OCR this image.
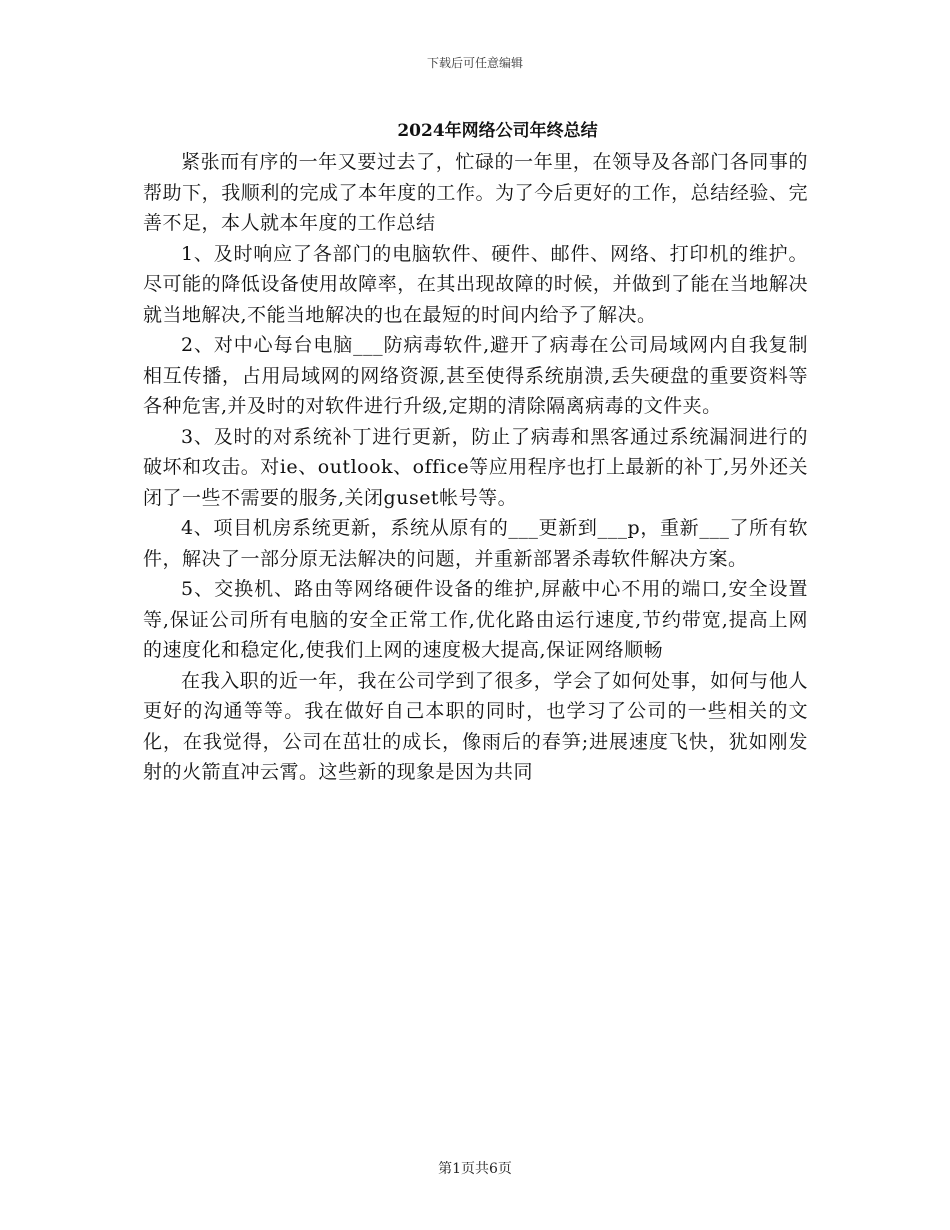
下载后可任意编辑
2024年网络公司年终总结

紧张而有序的一年又要过去了，忙碌的一年里，在领导及各部门各同事的帮助下，我顺利的完成了本年度的工作。为了今后更好的工作，总结经验、完善不足，本人就本年度的工作总结

1、及时响应了各部门的电脑软件、硬件、邮件、网络、打印机的维护。尽可能的降低设备使用故障率，在其出现故障的时候，并做到了能在当地解决就当地解决,不能当地解决的也在最短的时间内给予了解决。

2、对中心每台电脑___防病毒软件,避开了病毒在公司局域网内自我复制相互传播，占用局域网的网络资源,甚至使得系统崩溃,丢失硬盘的重要资料等各种危害,并及时的对软件进行升级,定期的清除隔离病毒的文件夹。

3、及时的对系统补丁进行更新，防止了病毒和黑客通过系统漏洞进行的破坏和攻击。对ie、outlook、office等应用程序也打上最新的补丁,另外还关闭了一些不需要的服务,关闭guset帐号等。

4、项目机房系统更新，系统从原有的___更新到___p，重新___了所有软件，解决了一部分原无法解决的问题，并重新部署杀毒软件解决方案。

5、交换机、路由等网络硬件设备的维护,屏蔽中心不用的端口,安全设置等,保证公司所有电脑的安全正常工作,优化路由运行速度,节约带宽,提高上网的速度化和稳定化,使我们上网的速度极大提高,保证网络顺畅

在我入职的近一年，我在公司学到了很多，学会了如何处事，如何与他人更好的沟通等等。我在做好自己本职的同时，也学习了公司的一些相关的文化，在我觉得，公司在茁壮的成长，像雨后的春笋;进展速度飞快，犹如刚发射的火箭直冲云霄。这些新的现象是因为共同

第1页共6页
